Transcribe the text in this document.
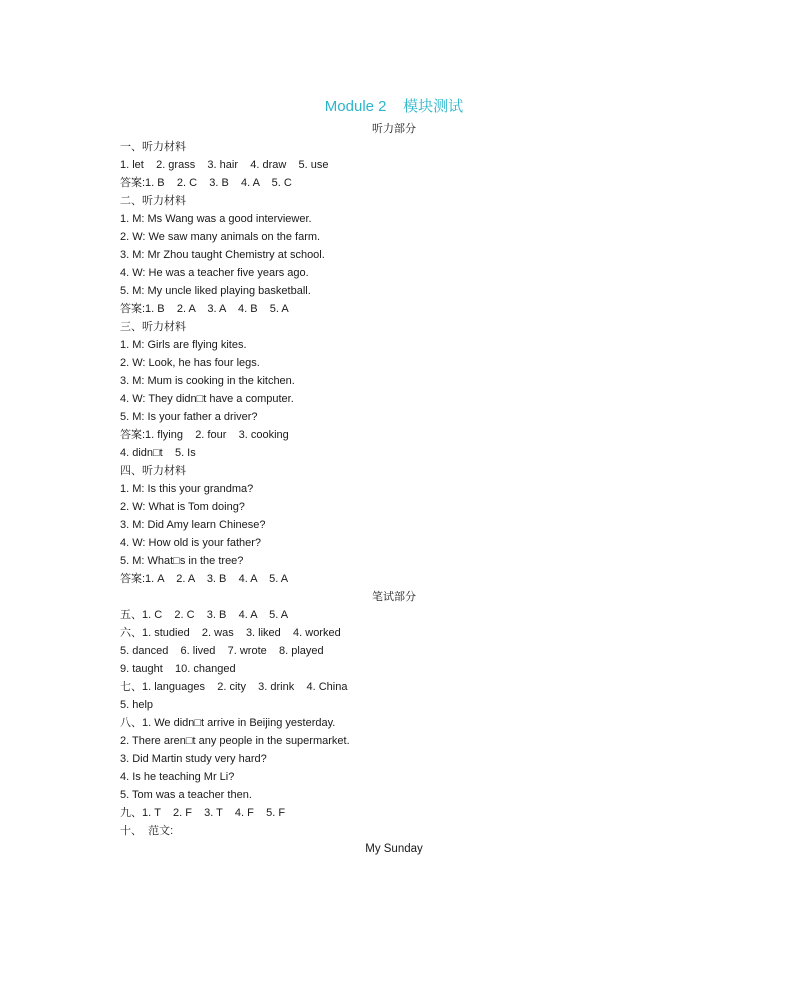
Module 2    模块测试
听力部分
一、听力材料
1. let    2. grass    3. hair    4. draw    5. use
答案:1. B    2. C    3. B    4. A    5. C
二、听力材料
1. M: Ms Wang was a good interviewer.
2. W: We saw many animals on the farm.
3. M: Mr Zhou taught Chemistry at school.
4. W: He was a teacher five years ago.
5. M: My uncle liked playing basketball.
答案:1. B    2. A    3. A    4. B    5. A
三、听力材料
1. M: Girls are flying kites.
2. W: Look, he has four legs.
3. M: Mum is cooking in the kitchen.
4. W: They didn□t have a computer.
5. M: Is your father a driver?
答案:1. flying    2. four    3. cooking
4. didn□t    5. Is
四、听力材料
1. M: Is this your grandma?
2. W: What is Tom doing?
3. M: Did Amy learn Chinese?
4. W: How old is your father?
5. M: What□s in the tree?
答案:1. A    2. A    3. B    4. A    5. A
笔试部分
五、1. C    2. C    3. B    4. A    5. A
六、1. studied    2. was    3. liked    4. worked
5. danced    6. lived    7. wrote    8. played
9. taught    10. changed
七、1. languages    2. city    3. drink    4. China
5. help
八、1. We didn□t arrive in Beijing yesterday.
2. There aren□t any people in the supermarket.
3. Did Martin study very hard?
4. Is he teaching Mr Li?
5. Tom was a teacher then.
九、1. T    2. F    3. T    4. F    5. F
十、  范文:
My Sunday
